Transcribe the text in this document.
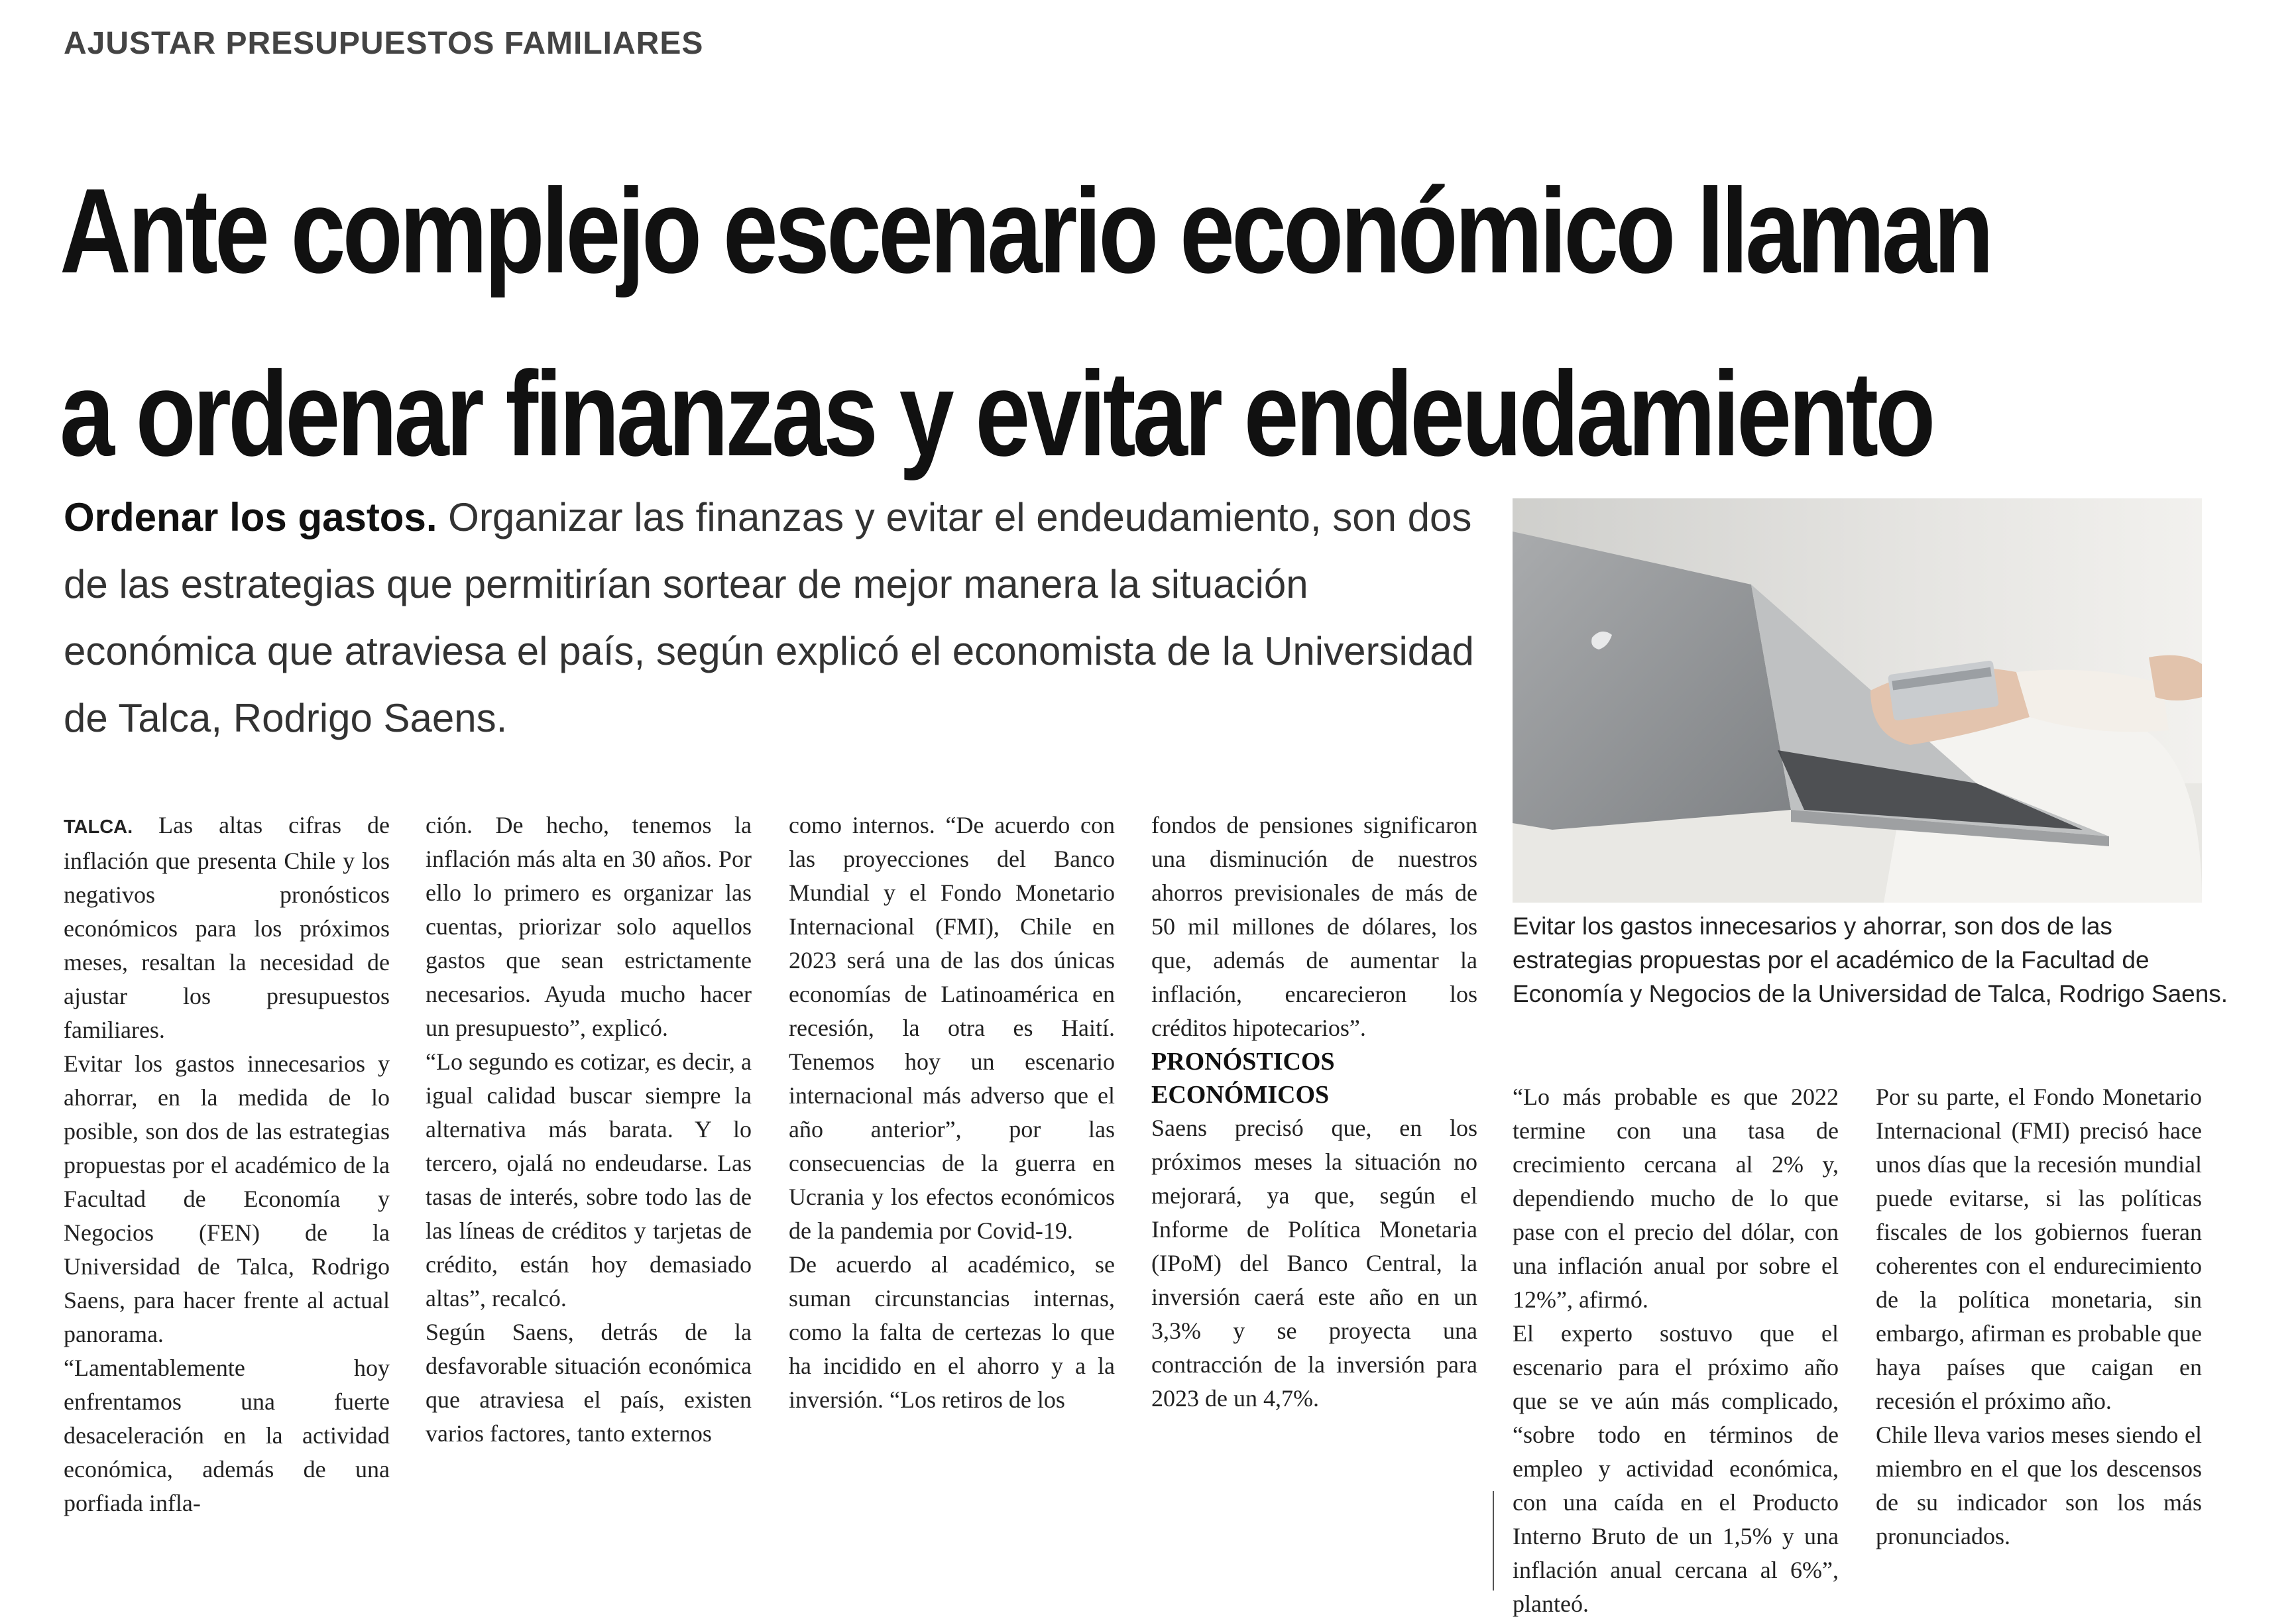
AJUSTAR PRESUPUESTOS FAMILIARES
Ante complejo escenario económico llaman
a ordenar finanzas y evitar endeudamiento

Ordenar los gastos. Organizar las finanzas y evitar el endeudamiento, son dos de las estrategias que permitirían sortear de mejor manera la situación económica que atraviesa el país, según explicó el economista de la Universidad de Talca, Rodrigo Saens.

Evitar los gastos innecesarios y ahorrar, son dos de las estrategias propuestas por el académico de la Facultad de Economía y Negocios de la Universidad de Talca, Rodrigo Saens.

TALCA. Las altas cifras de inflación que presenta Chile y los negativos pronósticos económicos para los próximos meses, resaltan la necesidad de ajustar los presupuestos familiares.

Evitar los gastos innecesarios y ahorrar, en la medida de lo posible, son dos de las estrategias propuestas por el académico de la Facultad de Economía y Negocios (FEN) de la Universidad de Talca, Rodrigo Saens, para hacer frente al actual panorama.

“Lamentablemente hoy enfrentamos una fuerte desaceleración en la actividad económica, además de una porfiada infla-

ción. De hecho, tenemos la inflación más alta en 30 años. Por ello lo primero es organizar las cuentas, priorizar solo aquellos gastos que sean estrictamente necesarios. Ayuda mucho hacer un presupuesto”, explicó.

“Lo segundo es cotizar, es decir, a igual calidad buscar siempre la alternativa más barata. Y lo tercero, ojalá no endeudarse. Las tasas de interés, sobre todo las de las líneas de créditos y tarjetas de crédito, están hoy demasiado altas”, recalcó.

Según Saens, detrás de la desfavorable situación económica que atraviesa el país, existen varios factores, tanto externos

como internos. “De acuerdo con las proyecciones del Banco Mundial y el Fondo Monetario Internacional (FMI), Chile en 2023 será una de las dos únicas economías de Latinoamérica en recesión, la otra es Haití. Tenemos hoy un escenario internacional más adverso que el año anterior”, por las consecuencias de la guerra en Ucrania y los efectos económicos de la pandemia por Covid-19.

De acuerdo al académico, se suman circunstancias internas, como la falta de certezas lo que ha incidido en el ahorro y a la inversión. “Los retiros de los

fondos de pensiones significaron una disminución de nuestros ahorros previsionales de más de 50 mil millones de dólares, los que, además de aumentar la inflación, encarecieron los créditos hipotecarios”.

PRONÓSTICOS ECONÓMICOS

Saens precisó que, en los próximos meses la situación no mejorará, ya que, según el Informe de Política Monetaria (IPoM) del Banco Central, la inversión caerá este año en un 3,3% y se proyecta una contracción de la inversión para 2023 de un 4,7%.

“Lo más probable es que 2022 termine con una tasa de crecimiento cercana al 2% y, dependiendo mucho de lo que pase con el precio del dólar, con una inflación anual por sobre el 12%”, afirmó.

El experto sostuvo que el escenario para el próximo año que se ve aún más complicado, “sobre todo en términos de empleo y actividad económica, con una caída en el Producto Interno Bruto de un 1,5% y una inflación anual cercana al 6%”, planteó.

Por su parte, el Fondo Monetario Internacional (FMI) precisó hace unos días que la recesión mundial puede evitarse, si las políticas fiscales de los gobiernos fueran coherentes con el endurecimiento de la política monetaria, sin embargo, afirman es probable que haya países que caigan en recesión el próximo año.

Chile lleva varios meses siendo el miembro en el que los descensos de su indicador son los más pronunciados.
